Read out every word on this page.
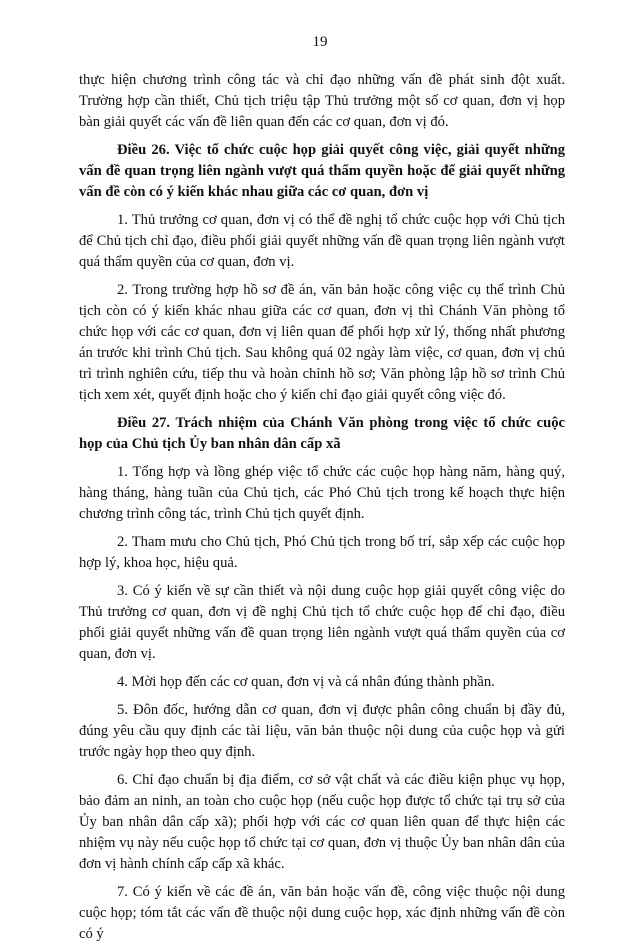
19

thực hiện chương trình công tác và chỉ đạo những vấn đề phát sinh đột xuất. Trường hợp cần thiết, Chủ tịch triệu tập Thủ trưởng một số cơ quan, đơn vị họp bàn giải quyết các vấn đề liên quan đến các cơ quan, đơn vị đó.

Điều 26. Việc tổ chức cuộc họp giải quyết công việc, giải quyết những vấn đề quan trọng liên ngành vượt quá thẩm quyền hoặc để giải quyết những vấn đề còn có ý kiến khác nhau giữa các cơ quan, đơn vị

1. Thủ trưởng cơ quan, đơn vị có thể đề nghị tổ chức cuộc họp với Chủ tịch để Chủ tịch chỉ đạo, điều phối giải quyết những vấn đề quan trọng liên ngành vượt quá thẩm quyền của cơ quan, đơn vị.

2. Trong trường hợp hồ sơ đề án, văn bản hoặc công việc cụ thể trình Chủ tịch còn có ý kiến khác nhau giữa các cơ quan, đơn vị thì Chánh Văn phòng tổ chức họp với các cơ quan, đơn vị liên quan để phối hợp xử lý, thống nhất phương án trước khi trình Chủ tịch. Sau không quá 02 ngày làm việc, cơ quan, đơn vị chủ trì trình nghiên cứu, tiếp thu và hoàn chỉnh hồ sơ; Văn phòng lập hồ sơ trình Chủ tịch xem xét, quyết định hoặc cho ý kiến chỉ đạo giải quyết công việc đó.

Điều 27. Trách nhiệm của Chánh Văn phòng trong việc tổ chức cuộc họp của Chủ tịch Ủy ban nhân dân cấp xã

1. Tổng hợp và lồng ghép việc tổ chức các cuộc họp hàng năm, hàng quý, hàng tháng, hàng tuần của Chủ tịch, các Phó Chủ tịch trong kế hoạch thực hiện chương trình công tác, trình Chủ tịch quyết định.

2. Tham mưu cho Chủ tịch, Phó Chủ tịch trong bố trí, sắp xếp các cuộc họp hợp lý, khoa học, hiệu quả.

3. Có ý kiến về sự cần thiết và nội dung cuộc họp giải quyết công việc do Thủ trưởng cơ quan, đơn vị đề nghị Chủ tịch tổ chức cuộc họp để chỉ đạo, điều phối giải quyết những vấn đề quan trọng liên ngành vượt quá thẩm quyền của cơ quan, đơn vị.

4. Mời họp đến các cơ quan, đơn vị và cá nhân đúng thành phần.

5. Đôn đốc, hướng dẫn cơ quan, đơn vị được phân công chuẩn bị đầy đủ, đúng yêu cầu quy định các tài liệu, văn bản thuộc nội dung của cuộc họp và gửi trước ngày họp theo quy định.

6. Chỉ đạo chuẩn bị địa điểm, cơ sở vật chất và các điều kiện phục vụ họp, bảo đảm an ninh, an toàn cho cuộc họp (nếu cuộc họp được tổ chức tại trụ sở của Ủy ban nhân dân cấp xã); phối hợp với các cơ quan liên quan để thực hiện các nhiệm vụ này nếu cuộc họp tổ chức tại cơ quan, đơn vị thuộc Ủy ban nhân dân của đơn vị hành chính cấp cấp xã khác.

7. Có ý kiến về các đề án, văn bản hoặc vấn đề, công việc thuộc nội dung cuộc họp; tóm tắt các vấn đề thuộc nội dung cuộc họp, xác định những vấn đề còn có ý
